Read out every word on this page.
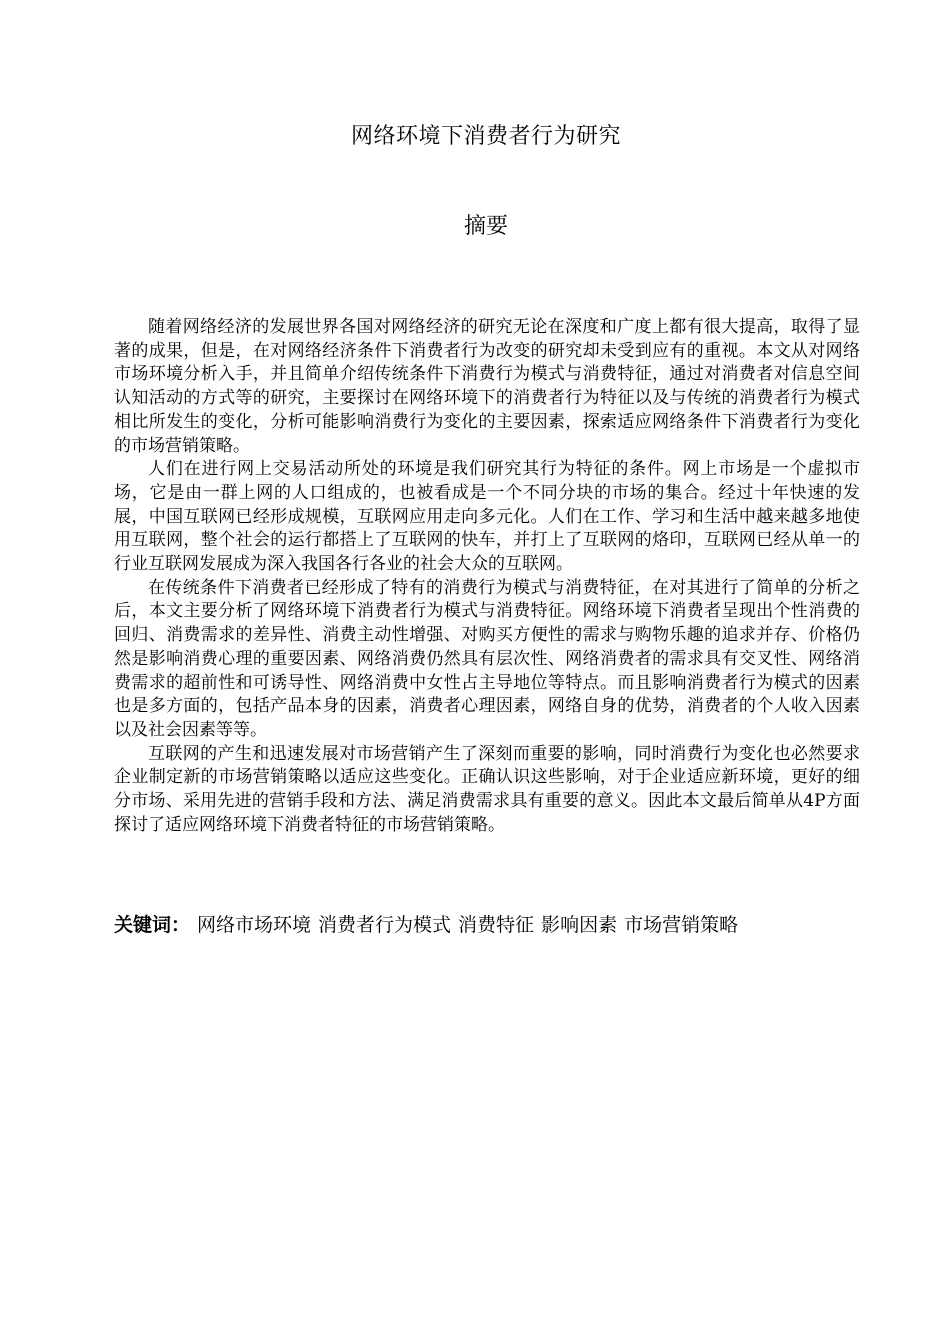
网络环境下消费者行为研究
摘要

随着网络经济的发展世界各国对网络经济的研究无论在深度和广度上都有很大提高，取得了显著的成果，但是，在对网络经济条件下消费者行为改变的研究却未受到应有的重视。本文从对网络市场环境分析入手，并且简单介绍传统条件下消费行为模式与消费特征，通过对消费者对信息空间认知活动的方式等的研究，主要探讨在网络环境下的消费者行为特征以及与传统的消费者行为模式相比所发生的变化，分析可能影响消费行为变化的主要因素，探索适应网络条件下消费者行为变化的市场营销策略。

人们在进行网上交易活动所处的环境是我们研究其行为特征的条件。网上市场是一个虚拟市场，它是由一群上网的人口组成的，也被看成是一个不同分块的市场的集合。经过十年快速的发展，中国互联网已经形成规模，互联网应用走向多元化。人们在工作、学习和生活中越来越多地使用互联网，整个社会的运行都搭上了互联网的快车，并打上了互联网的烙印，互联网已经从单一的行业互联网发展成为深入我国各行各业的社会大众的互联网。

在传统条件下消费者已经形成了特有的消费行为模式与消费特征，在对其进行了简单的分析之后，本文主要分析了网络环境下消费者行为模式与消费特征。网络环境下消费者呈现出个性消费的回归、消费需求的差异性、消费主动性增强、对购买方便性的需求与购物乐趣的追求并存、价格仍然是影响消费心理的重要因素、网络消费仍然具有层次性、网络消费者的需求具有交叉性、网络消费需求的超前性和可诱导性、网络消费中女性占主导地位等特点。而且影响消费者行为模式的因素也是多方面的，包括产品本身的因素，消费者心理因素，网络自身的优势，消费者的个人收入因素以及社会因素等等。

互联网的产生和迅速发展对市场营销产生了深刻而重要的影响，同时消费行为变化也必然要求企业制定新的市场营销策略以适应这些变化。正确认识这些影响，对于企业适应新环境，更好的细分市场、采用先进的营销手段和方法、满足消费需求具有重要的意义。因此本文最后简单从4P方面探讨了适应网络环境下消费者特征的市场营销策略。

关键词： 网络市场环境 消费者行为模式 消费特征 影响因素 市场营销策略
